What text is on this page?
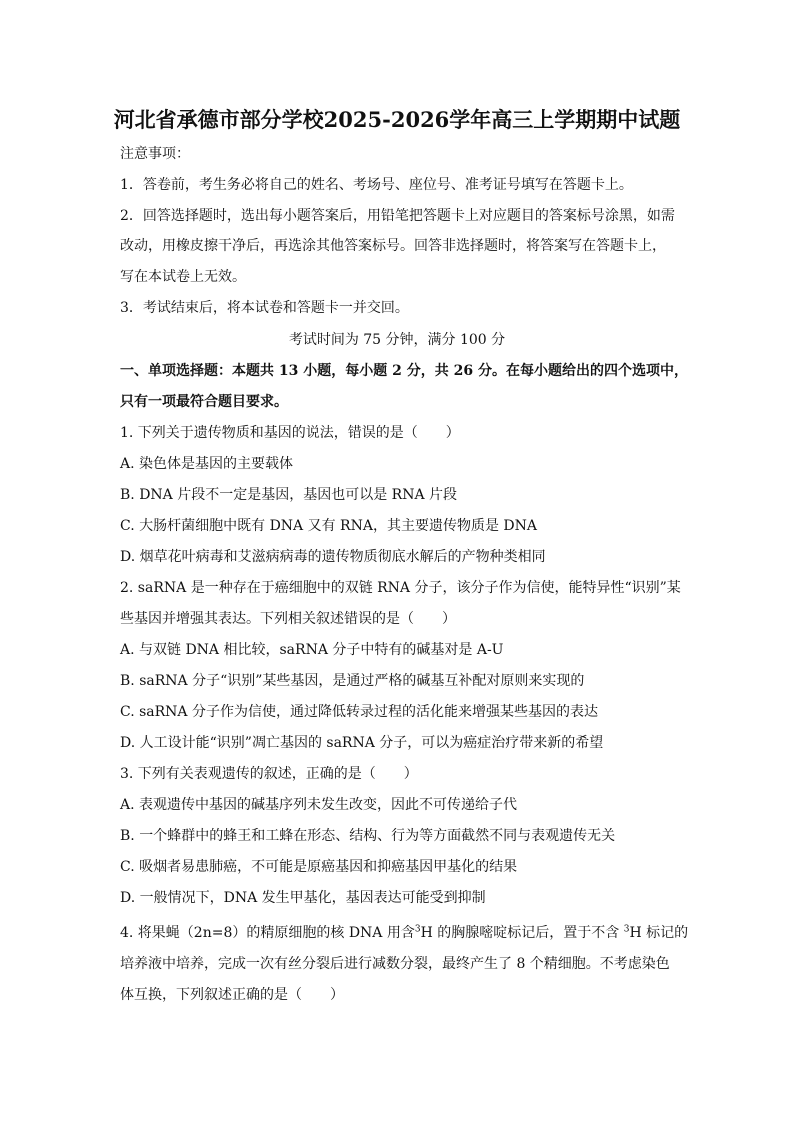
河北省承德市部分学校2025-2026学年高三上学期期中试题
注意事项：
1．答卷前，考生务必将自己的姓名、考场号、座位号、准考证号填写在答题卡上。
2．回答选择题时，选出每小题答案后，用铅笔把答题卡上对应题目的答案标号涂黑，如需
改动，用橡皮擦干净后，再选涂其他答案标号。回答非选择题时，将答案写在答题卡上，
写在本试卷上无效。
3．考试结束后，将本试卷和答题卡一并交回。
考试时间为 75 分钟，满分 100 分
一、单项选择题：本题共 13 小题，每小题 2 分，共 26 分。在每小题给出的四个选项中，
只有一项最符合题目要求。
1. 下列关于遗传物质和基因的说法，错误的是（　　）
A. 染色体是基因的主要载体
B. DNA 片段不一定是基因，基因也可以是 RNA 片段
C. 大肠杆菌细胞中既有 DNA 又有 RNA，其主要遗传物质是 DNA
D. 烟草花叶病毒和艾滋病病毒的遗传物质彻底水解后的产物种类相同
2. saRNA 是一种存在于癌细胞中的双链 RNA 分子，该分子作为信使，能特异性“识别”某
些基因并增强其表达。下列相关叙述错误的是（　　）
A. 与双链 DNA 相比较，saRNA 分子中特有的碱基对是 A-U
B. saRNA 分子“识别”某些基因，是通过严格的碱基互补配对原则来实现的
C. saRNA 分子作为信使，通过降低转录过程的活化能来增强某些基因的表达
D. 人工设计能“识别”凋亡基因的 saRNA 分子，可以为癌症治疗带来新的希望
3. 下列有关表观遗传的叙述，正确的是（　　）
A. 表观遗传中基因的碱基序列未发生改变，因此不可传递给子代
B. 一个蜂群中的蜂王和工蜂在形态、结构、行为等方面截然不同与表观遗传无关
C. 吸烟者易患肺癌，不可能是原癌基因和抑癌基因甲基化的结果
D. 一般情况下，DNA 发生甲基化，基因表达可能受到抑制
4. 将果蝇（2n=8）的精原细胞的核 DNA 用含$^3$H 的胸腺嘧啶标记后，置于不含 $^3$H 标记的
培养液中培养，完成一次有丝分裂后进行减数分裂，最终产生了 8 个精细胞。不考虑染色
体互换，下列叙述正确的是（　　）
